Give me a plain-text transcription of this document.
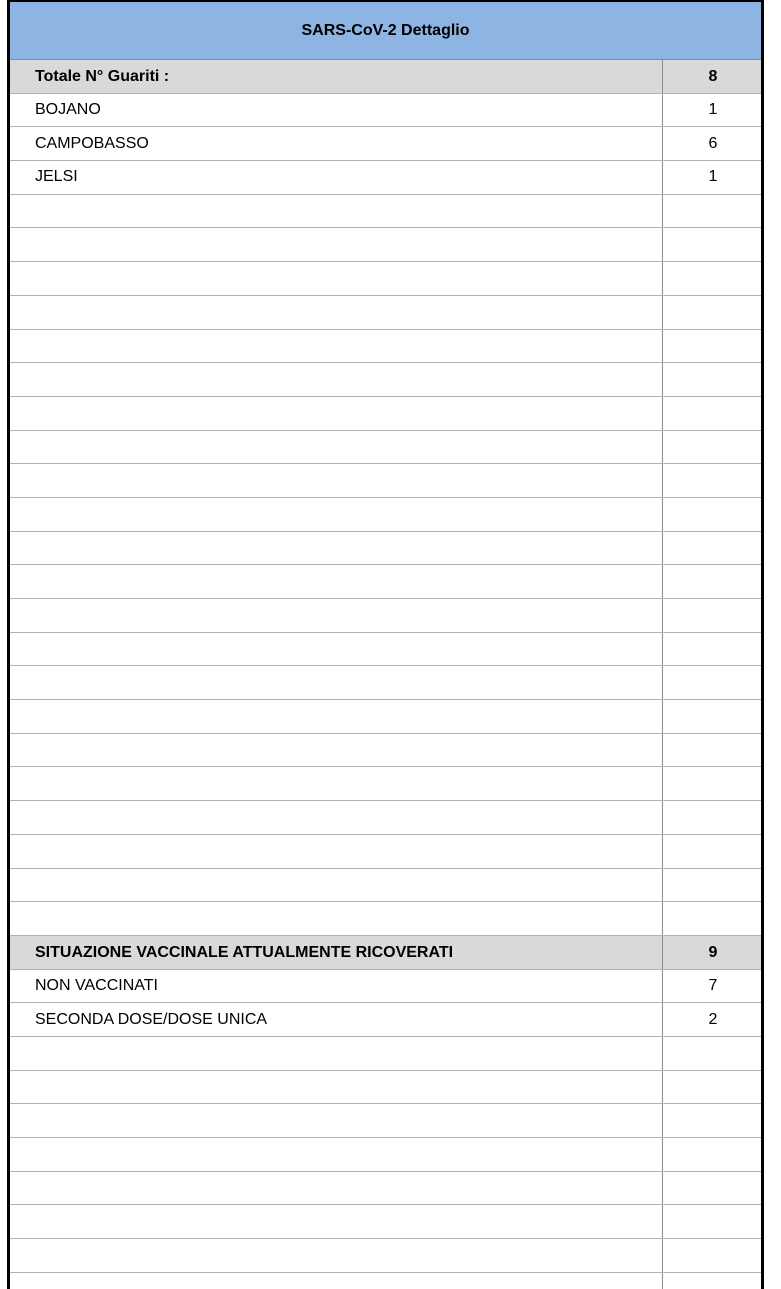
SARS-CoV-2 Dettaglio
Totale N° Guariti :	8
BOJANO	1
CAMPOBASSO	6
JELSI	1
SITUAZIONE VACCINALE ATTUALMENTE RICOVERATI	9
NON VACCINATI	7
SECONDA DOSE/DOSE UNICA	2
